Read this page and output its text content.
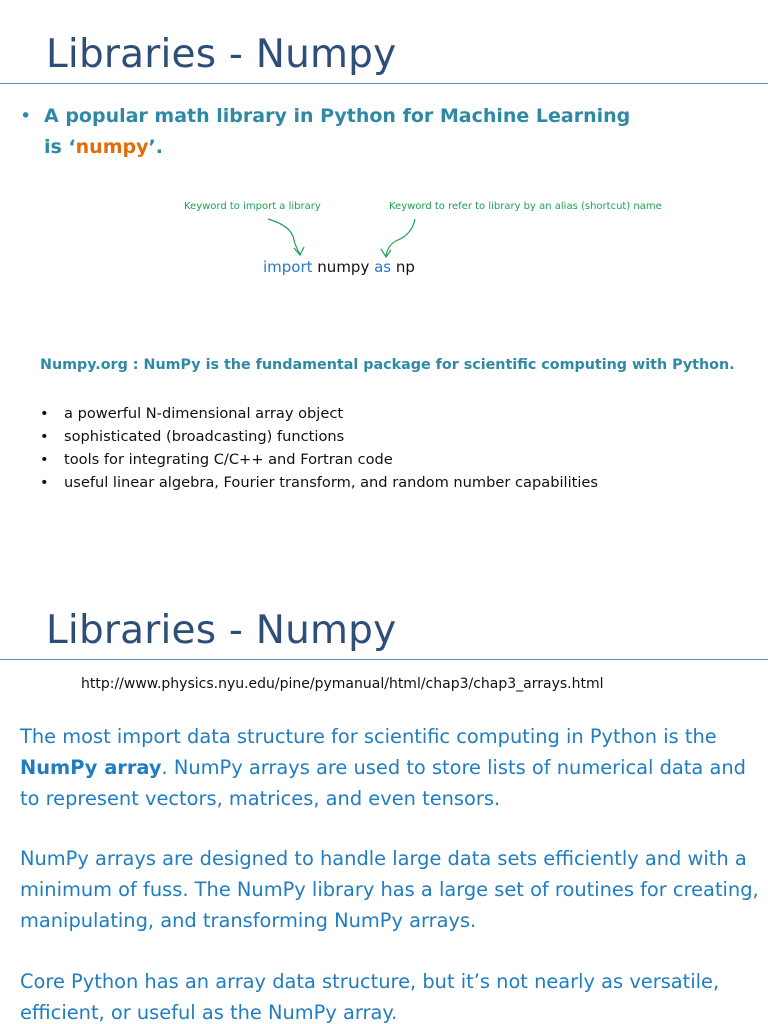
Libraries - Numpy
• A popular math library in Python for Machine Learning
is ‘numpy’.
Keyword to import a library	Keyword to refer to library by an alias (shortcut) name
import numpy as np
Numpy.org : NumPy is the fundamental package for scientific computing with Python.
• a powerful N-dimensional array object
• sophisticated (broadcasting) functions
• tools for integrating C/C++ and Fortran code
• useful linear algebra, Fourier transform, and random number capabilities
Libraries - Numpy
http://www.physics.nyu.edu/pine/pymanual/html/chap3/chap3_arrays.html

The most import data structure for scientific computing in Python is the NumPy array. NumPy arrays are used to store lists of numerical data and to represent vectors, matrices, and even tensors.

NumPy arrays are designed to handle large data sets efficiently and with a minimum of fuss. The NumPy library has a large set of routines for creating, manipulating, and transforming NumPy arrays.

Core Python has an array data structure, but it’s not nearly as versatile, efficient, or useful as the NumPy array.
